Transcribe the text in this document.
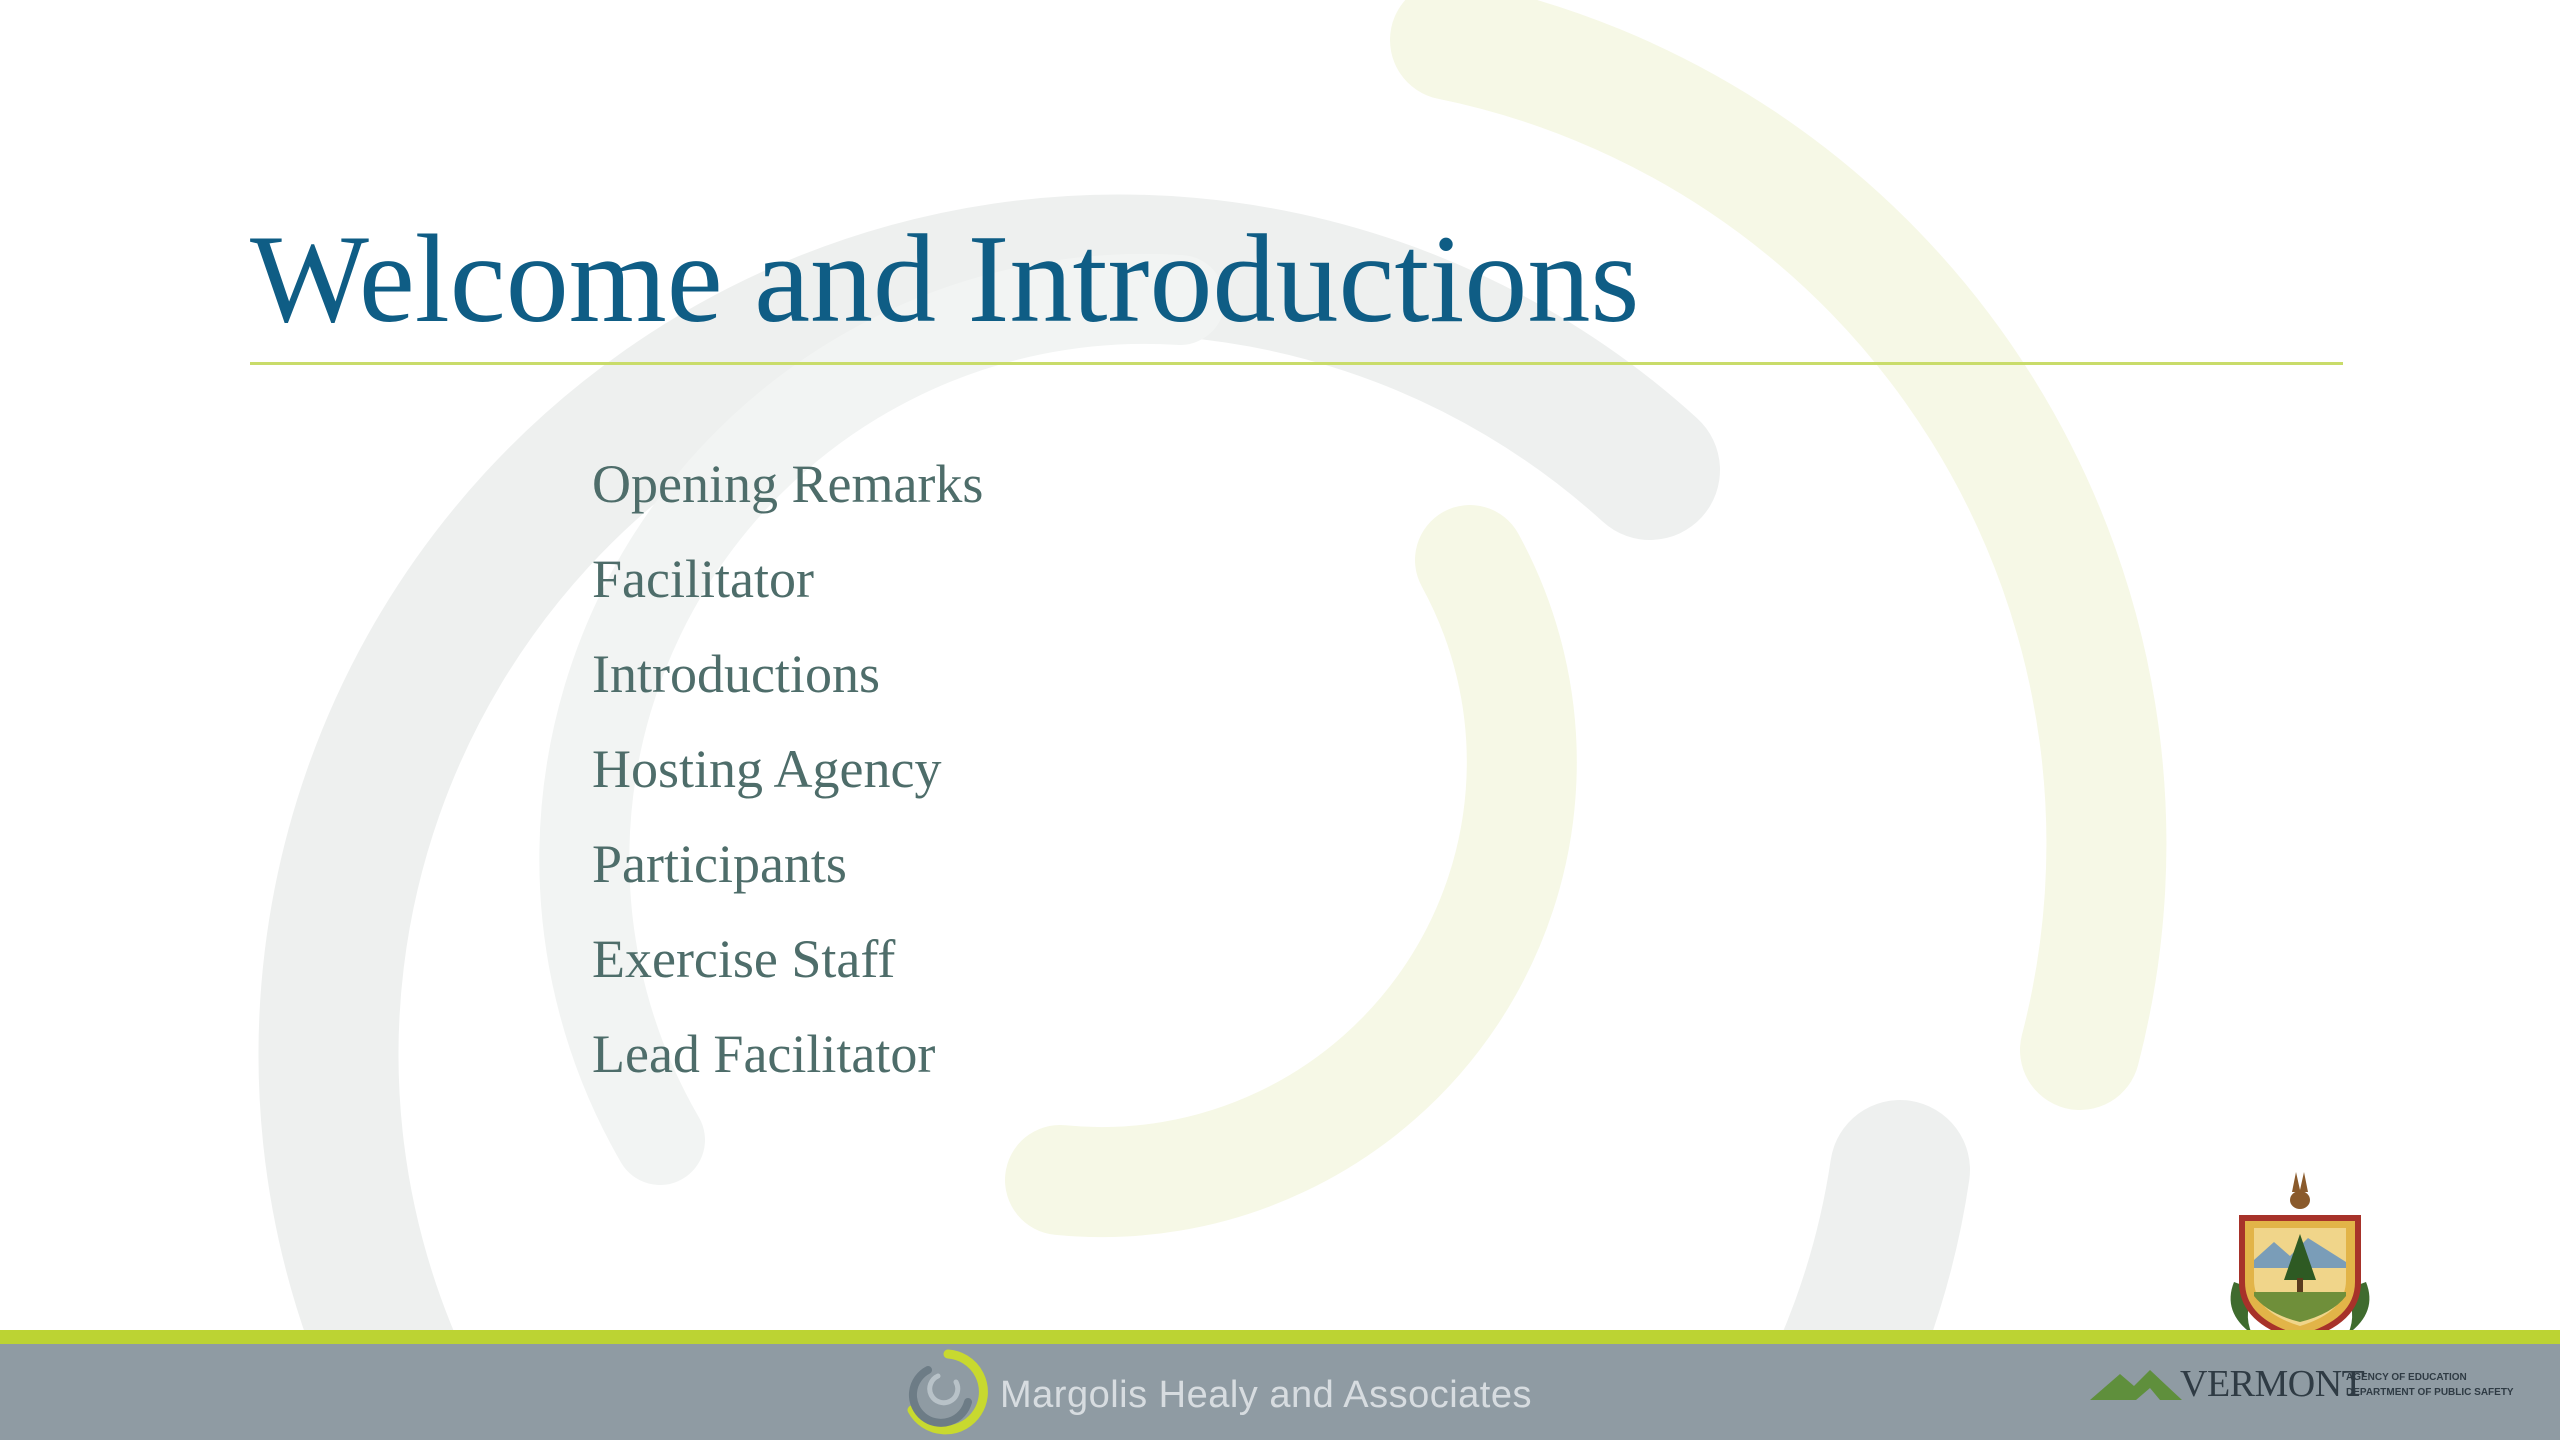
Welcome and Introductions
Opening Remarks
Facilitator
Introductions
Hosting Agency
Participants
Exercise Staff
Lead Facilitator
Margolis Healy and Associates	VERMONT
AGENCY OF EDUCATION
DEPARTMENT OF PUBLIC SAFETY
